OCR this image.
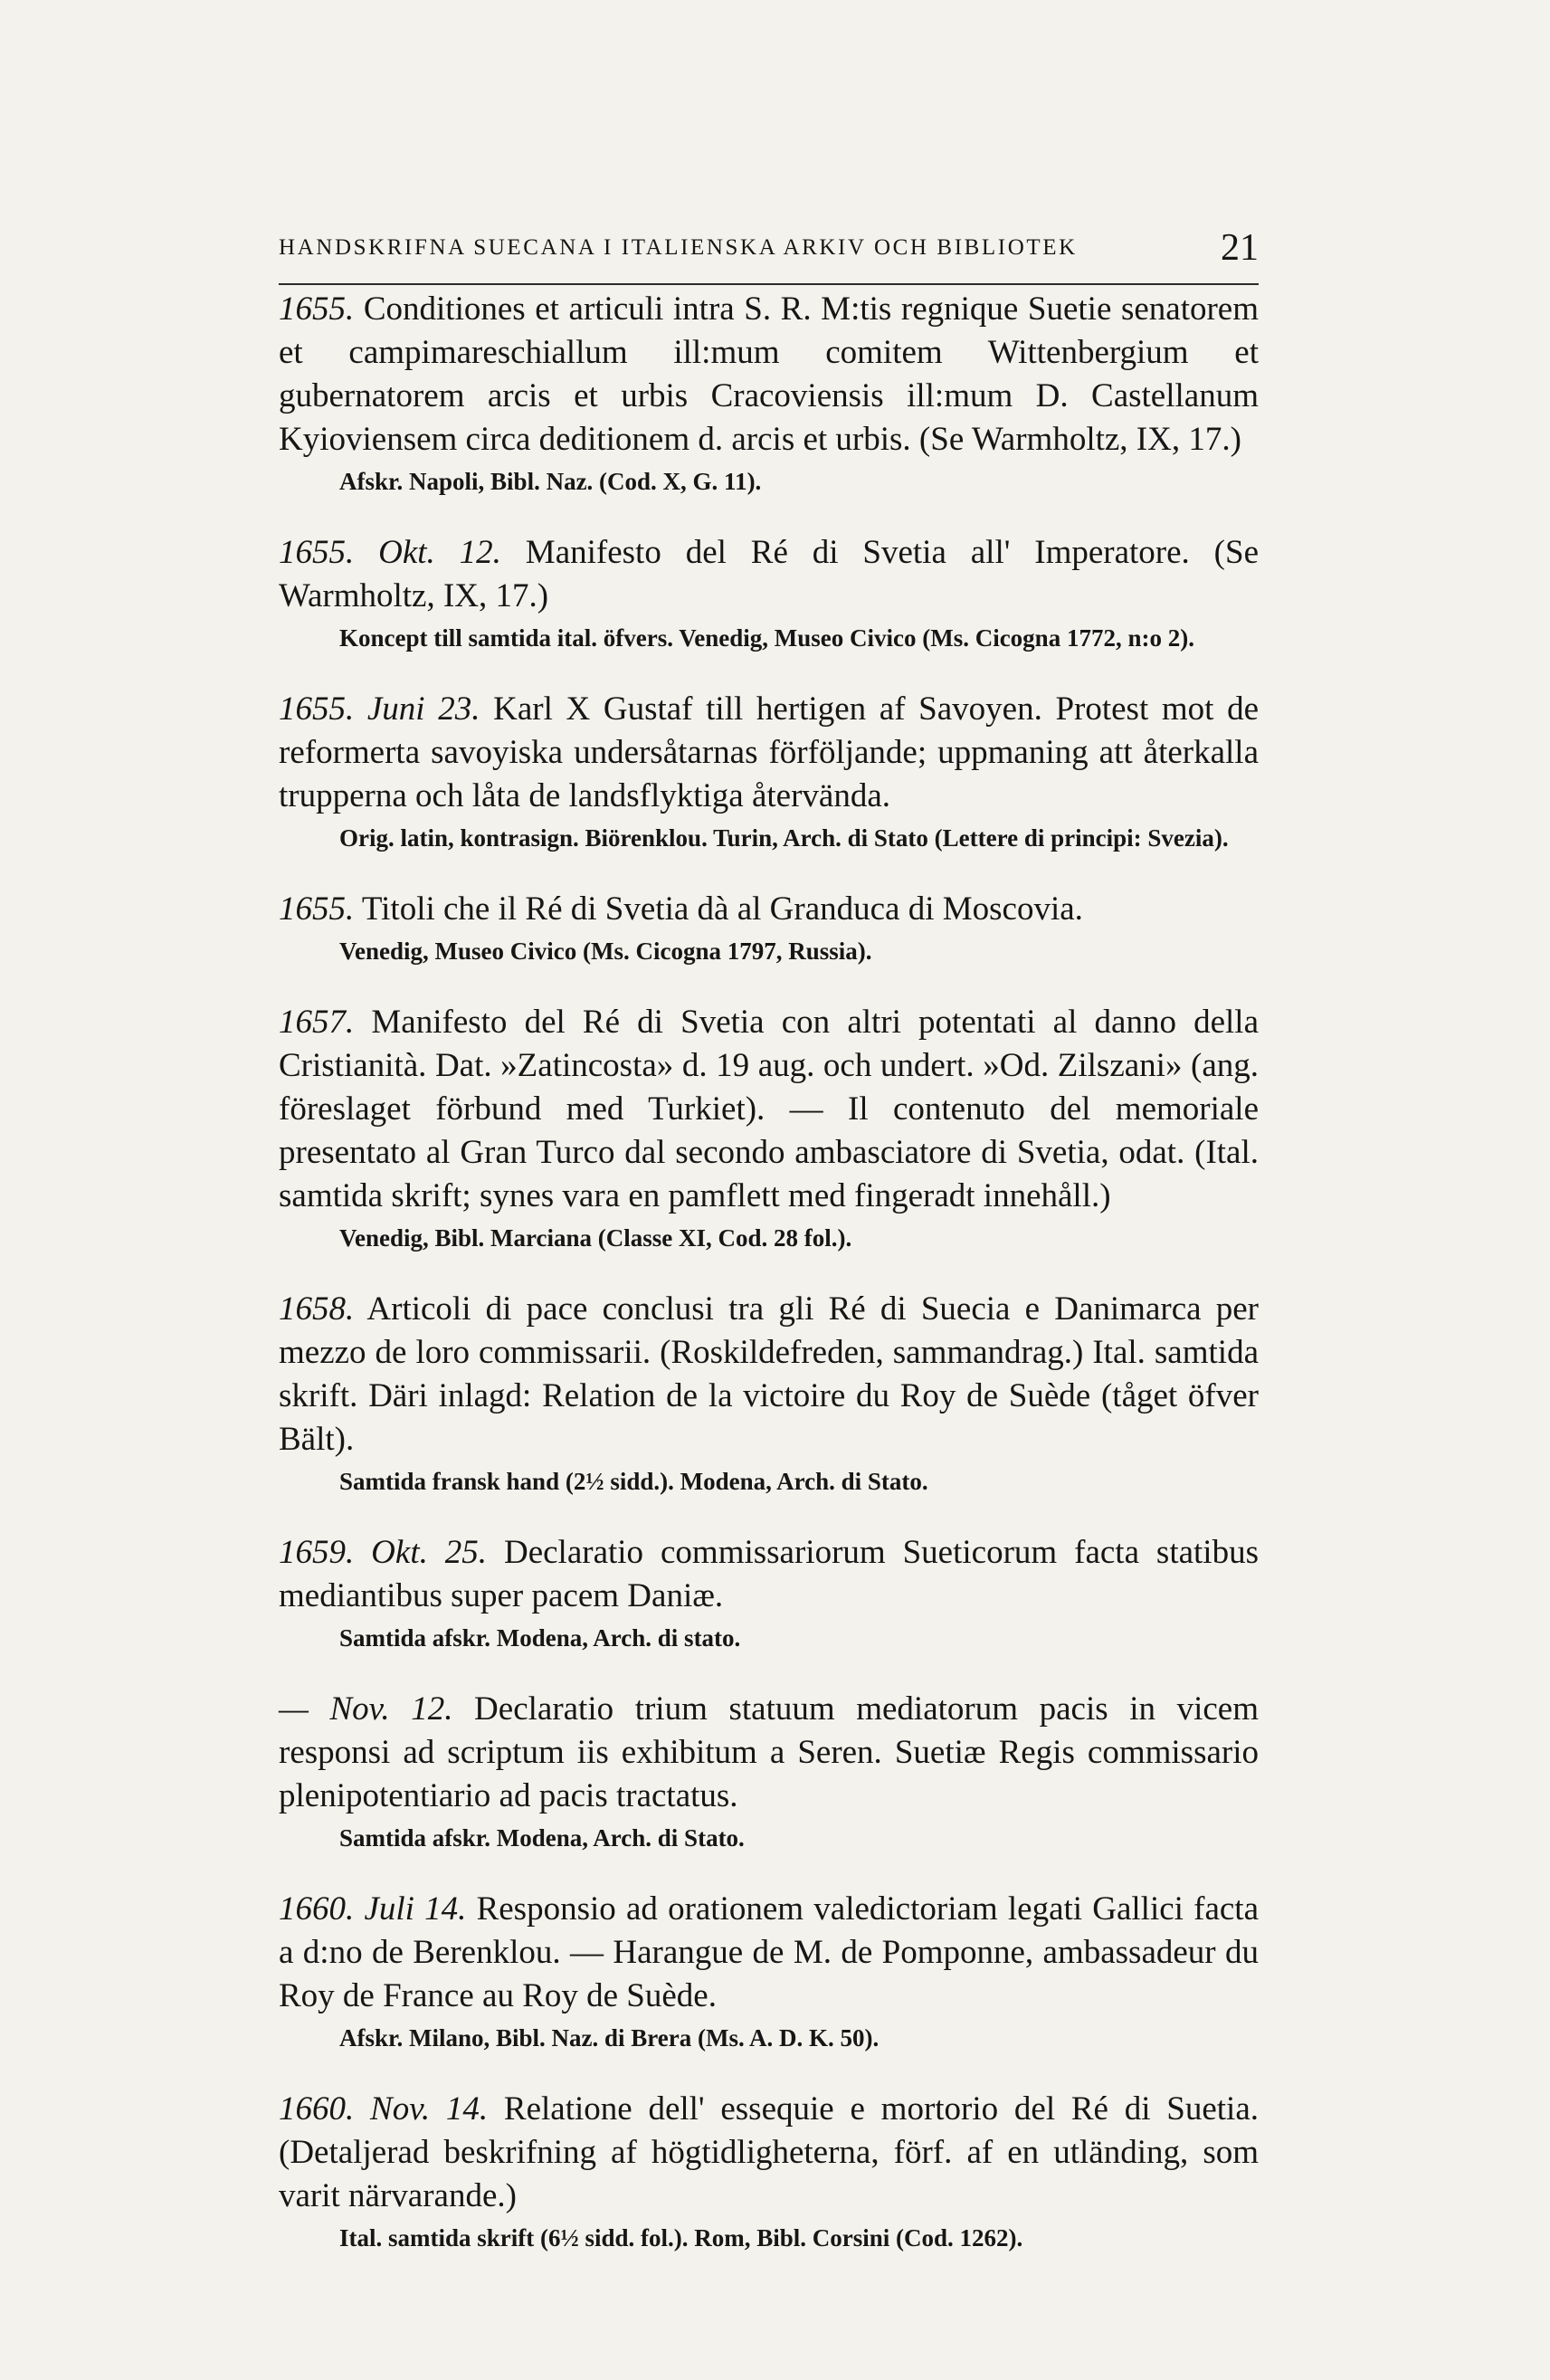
HANDSKRIFNA SUECANA I ITALIENSKA ARKIV OCH BIBLIOTEK	21

1655. Conditiones et articuli intra S. R. M:tis regnique Suetie senatorem et campimareschiallum ill:mum comitem Wittenbergium et gubernatorem arcis et urbis Cracoviensis ill:mum D. Castellanum Kyioviensem circa deditionem d. arcis et urbis. (Se Warmholtz, IX, 17.)

Afskr. Napoli, Bibl. Naz. (Cod. X, G. 11).

1655. Okt. 12. Manifesto del Ré di Svetia all' Imperatore. (Se Warmholtz, IX, 17.)

Koncept till samtida ital. öfvers. Venedig, Museo Civico (Ms. Cicogna 1772, n:o 2).

1655. Juni 23. Karl X Gustaf till hertigen af Savoyen. Protest mot de reformerta savoyiska undersåtarnas förföljande; uppmaning att återkalla trupperna och låta de landsflyktiga återvända.

Orig. latin, kontrasign. Biörenklou. Turin, Arch. di Stato (Lettere di principi: Svezia).

1655. Titoli che il Ré di Svetia dà al Granduca di Moscovia.

Venedig, Museo Civico (Ms. Cicogna 1797, Russia).

1657. Manifesto del Ré di Svetia con altri potentati al danno della Cristianità. Dat. »Zatincosta» d. 19 aug. och undert. »Od. Zilszani» (ang. föreslaget förbund med Turkiet). — Il contenuto del memoriale presentato al Gran Turco dal secondo ambasciatore di Svetia, odat. (Ital. samtida skrift; synes vara en pamflett med fingeradt innehåll.)

Venedig, Bibl. Marciana (Classe XI, Cod. 28 fol.).

1658. Articoli di pace conclusi tra gli Ré di Suecia e Danimarca per mezzo de loro commissarii. (Roskildefreden, sammandrag.) Ital. samtida skrift. Däri inlagd: Relation de la victoire du Roy de Suède (tåget öfver Bält).

Samtida fransk hand (2½ sidd.). Modena, Arch. di Stato.

1659. Okt. 25. Declaratio commissariorum Sueticorum facta statibus mediantibus super pacem Daniæ.

Samtida afskr. Modena, Arch. di stato.

— Nov. 12. Declaratio trium statuum mediatorum pacis in vicem responsi ad scriptum iis exhibitum a Seren. Suetiæ Regis commissario plenipotentiario ad pacis tractatus.

Samtida afskr. Modena, Arch. di Stato.

1660. Juli 14. Responsio ad orationem valedictoriam legati Gallici facta a d:no de Berenklou. — Harangue de M. de Pomponne, ambassadeur du Roy de France au Roy de Suède.

Afskr. Milano, Bibl. Naz. di Brera (Ms. A. D. K. 50).

1660. Nov. 14. Relatione dell' essequie e mortorio del Ré di Suetia. (Detaljerad beskrifning af högtidligheterna, förf. af en utländing, som varit närvarande.)

Ital. samtida skrift (6½ sidd. fol.). Rom, Bibl. Corsini (Cod. 1262).
